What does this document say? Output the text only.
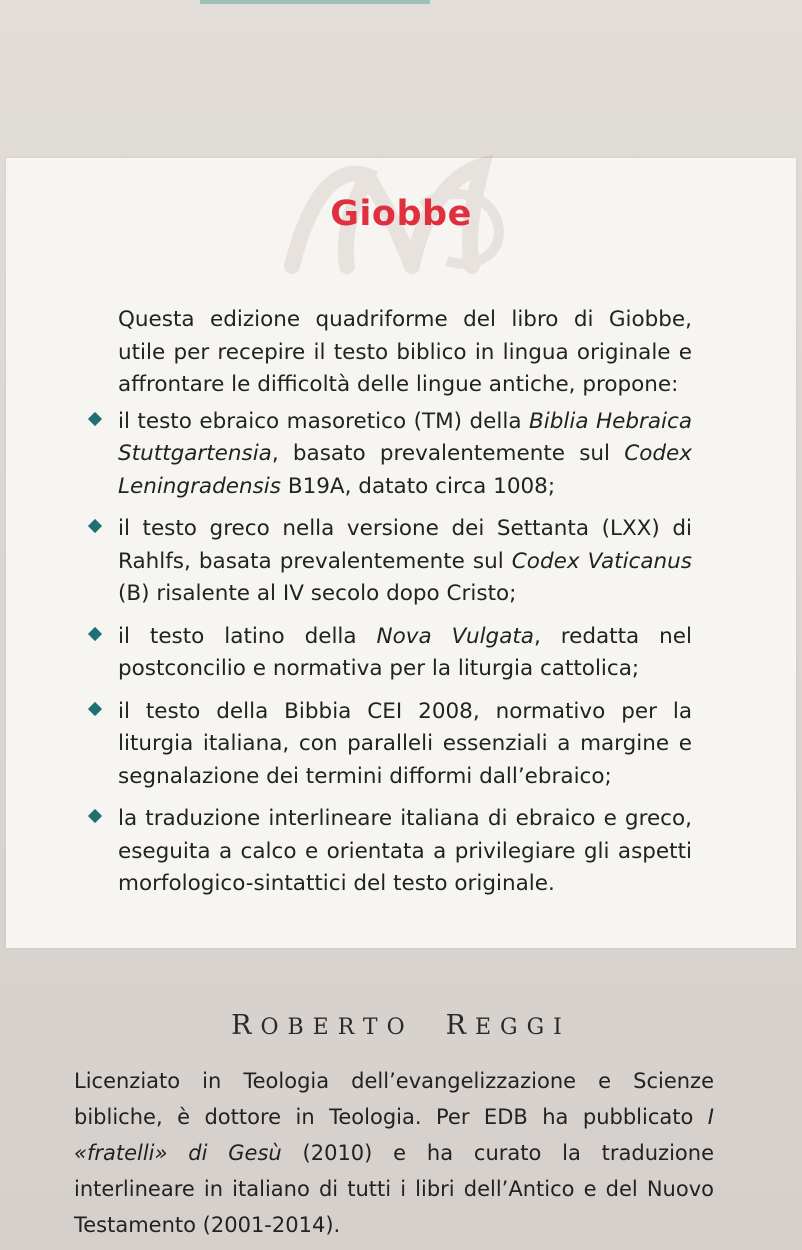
Giobbe

Questa edizione quadriforme del libro di Giobbe, utile per recepire il testo biblico in lingua originale e affrontare le difficoltà delle lingue antiche, propone:

il testo ebraico masoretico (TM) della Biblia Hebraica Stuttgartensia, basato prevalentemente sul Codex Leningradensis B19A, datato circa 1008;
il testo greco nella versione dei Settanta (LXX) di Rahlfs, basata prevalentemente sul Codex Vaticanus (B) risalente al IV secolo dopo Cristo;
il testo latino della Nova Vulgata, redatta nel postconcilio e normativa per la liturgia cattolica;
il testo della Bibbia CEI 2008, normativo per la liturgia italiana, con paralleli essenziali a margine e segnalazione dei termini difformi dall’ebraico;
la traduzione interlineare italiana di ebraico e greco, eseguita a calco e orientata a privilegiare gli aspetti morfologico-sintattici del testo originale.
ROBERTO REGGI
Licenziato in Teologia dell’evangelizzazione e Scienze bibliche, è dottore in Teologia. Per EDB ha pubblicato I «fratelli» di Gesù (2010) e ha curato la traduzione interlineare in italiano di tutti i libri dell’Antico e del Nuovo Testamento (2001-2014).
